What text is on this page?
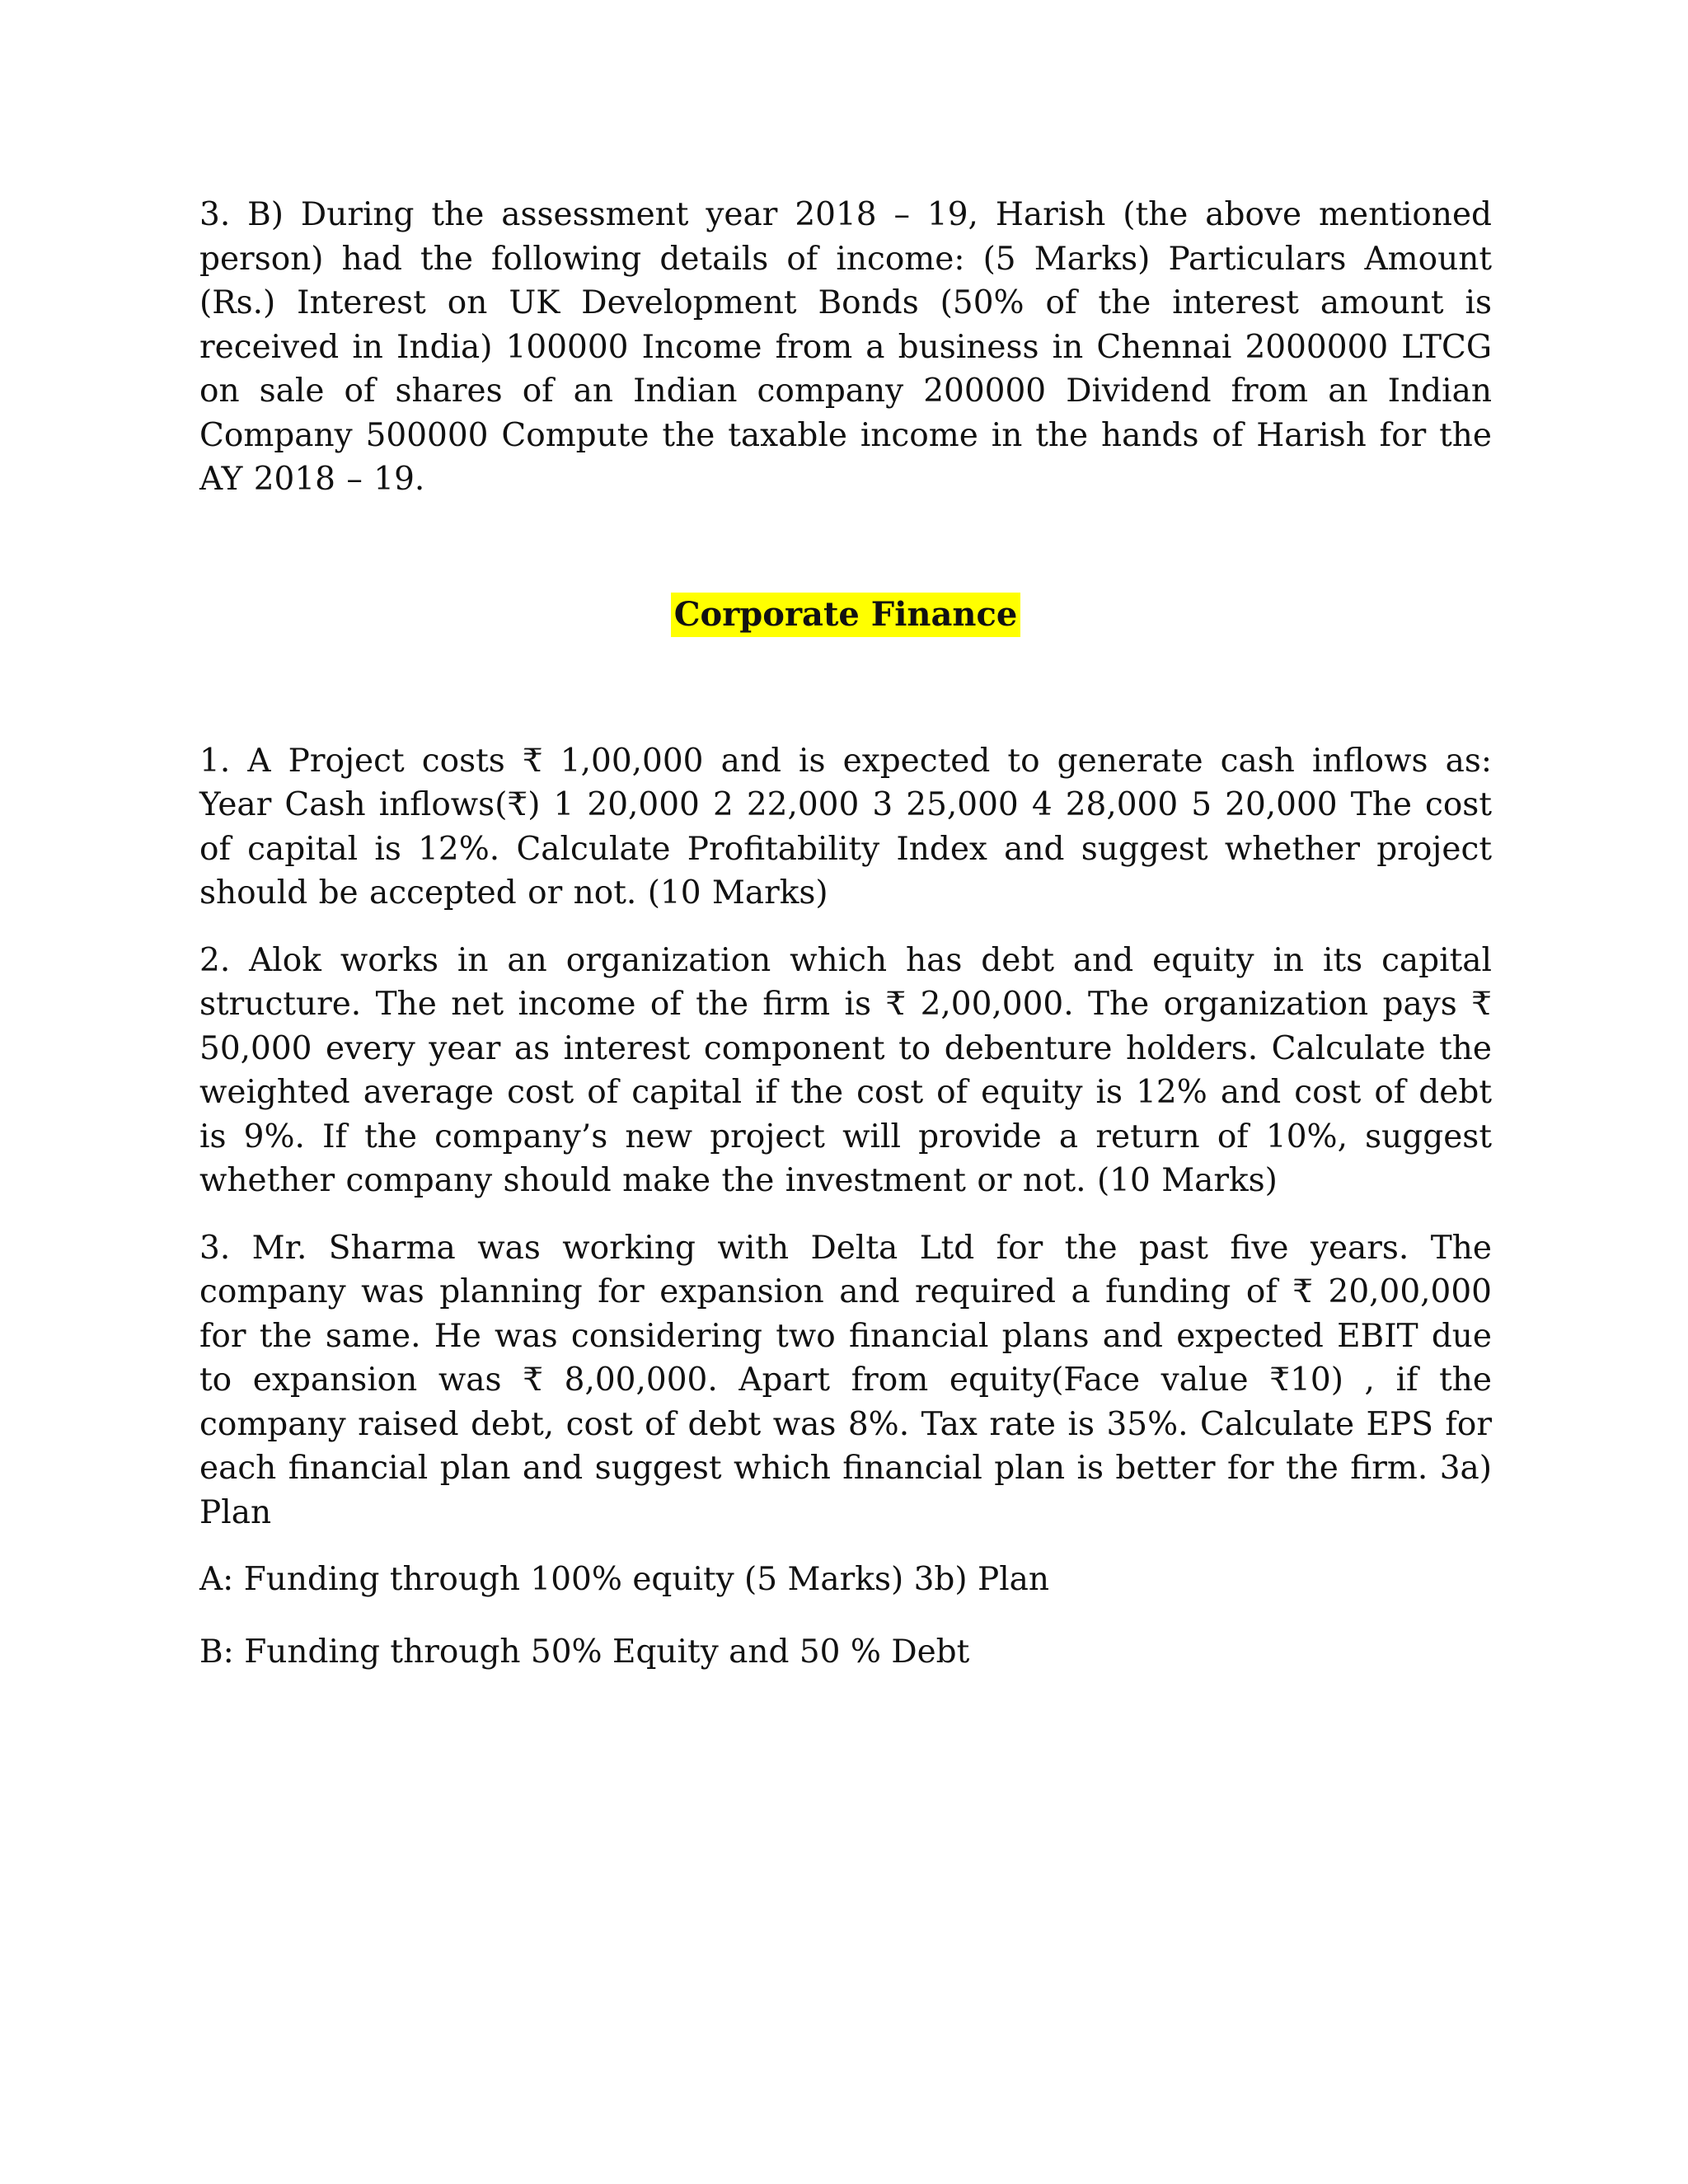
3. B) During the assessment year 2018 – 19, Harish (the above mentioned person) had the following details of income: (5 Marks) Particulars Amount (Rs.) Interest on UK Development Bonds (50% of the interest amount is received in India) 100000 Income from a business in Chennai 2000000 LTCG on sale of shares of an Indian company 200000 Dividend from an Indian Company 500000 Compute the taxable income in the hands of Harish for the AY 2018 – 19.

Corporate Finance

1. A Project costs ₹ 1,00,000 and is expected to generate cash inflows as: Year Cash inflows(₹) 1 20,000 2 22,000 3 25,000 4 28,000 5 20,000 The cost of capital is 12%. Calculate Profitability Index and suggest whether project should be accepted or not. (10 Marks)

2. Alok works in an organization which has debt and equity in its capital structure. The net income of the firm is ₹ 2,00,000. The organization pays ₹ 50,000 every year as interest component to debenture holders. Calculate the weighted average cost of capital if the cost of equity is 12% and cost of debt is 9%. If the company’s new project will provide a return of 10%, suggest whether company should make the investment or not. (10 Marks)

3. Mr. Sharma was working with Delta Ltd for the past five years. The company was planning for expansion and required a funding of ₹ 20,00,000 for the same. He was considering two financial plans and expected EBIT due to expansion was ₹ 8,00,000. Apart from equity(Face value ₹10) , if the company raised debt, cost of debt was 8%. Tax rate is 35%. Calculate EPS for each financial plan and suggest which financial plan is better for the firm. 3a) Plan

A: Funding through 100% equity (5 Marks) 3b) Plan

B: Funding through 50% Equity and 50 % Debt
